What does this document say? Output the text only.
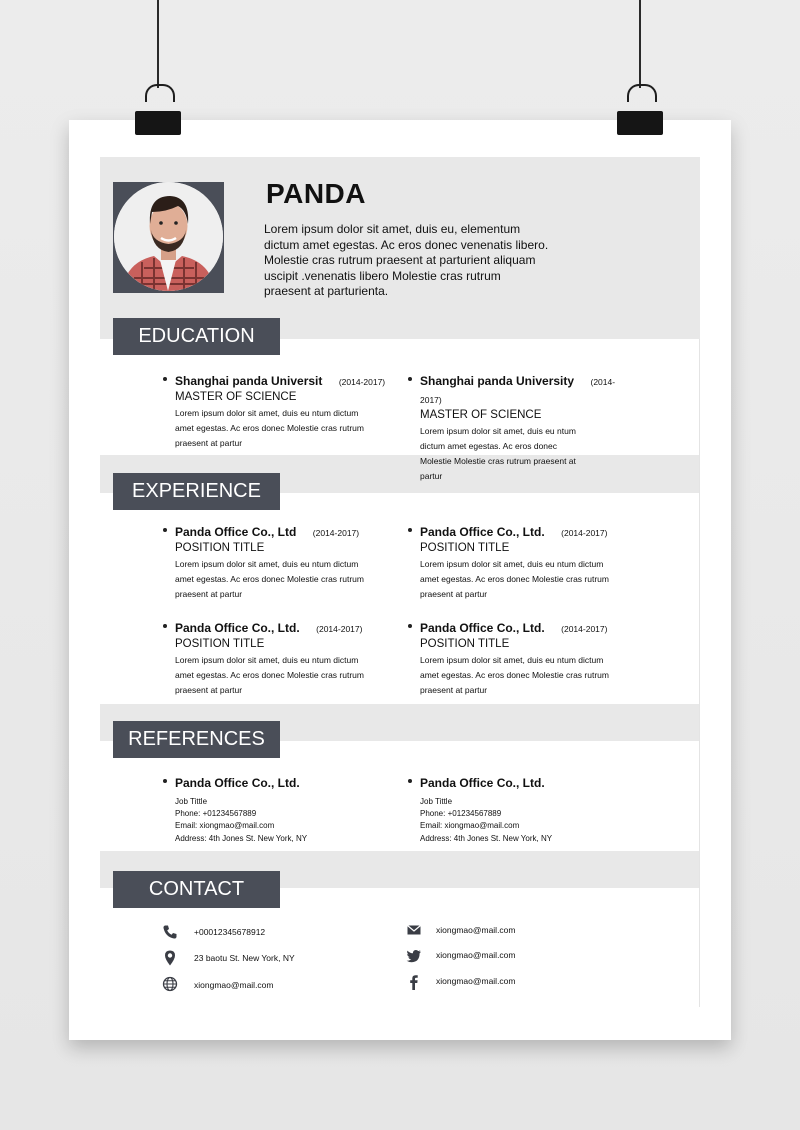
PANDA
Lorem ipsum dolor sit amet, duis eu, elementum dictum amet egestas. Ac eros donec venenatis libero. Molestie cras rutrum praesent at parturient aliquam uscipit .venenatis libero Molestie cras rutrum praesent at parturienta.
EDUCATION
Shanghai panda Universit (2014-2017)
MASTER OF SCIENCE
Lorem ipsum dolor sit amet, duis eu ntum dictum amet egestas. Ac eros donec Molestie cras rutrum praesent at partur
Shanghai panda University (2014-2017)
MASTER OF SCIENCE
Lorem ipsum dolor sit amet, duis eu ntum dictum amet egestas. Ac eros donec Molestie Molestie cras rutrum praesent at partur
EXPERIENCE
Panda Office Co., Ltd (2014-2017)
POSITION TITLE
Lorem ipsum dolor sit amet, duis eu ntum dictum amet egestas. Ac eros donec Molestie cras rutrum praesent at partur
Panda Office Co., Ltd. (2014-2017)
POSITION TITLE
Lorem ipsum dolor sit amet, duis eu ntum dictum amet egestas. Ac eros donec Molestie cras rutrum praesent at partur
Panda Office Co., Ltd. (2014-2017)
POSITION TITLE
Lorem ipsum dolor sit amet, duis eu ntum dictum amet egestas. Ac eros donec Molestie cras rutrum praesent at partur
Panda Office Co., Ltd. (2014-2017)
POSITION TITLE
Lorem ipsum dolor sit amet, duis eu ntum dictum amet egestas. Ac eros donec Molestie cras rutrum praesent at partur
REFERENCES
Panda Office Co., Ltd.
Job Tittle
Phone: +01234567889
Email: xiongmao@mail.com
Address: 4th Jones St. New York, NY
Panda Office Co., Ltd.
Job Tittle
Phone: +01234567889
Email: xiongmao@mail.com
Address: 4th Jones St. New York, NY
CONTACT
+00012345678912
23 baotu St. New York, NY
xiongmao@mail.com
xiongmao@mail.com
xiongmao@mail.com
xiongmao@mail.com
